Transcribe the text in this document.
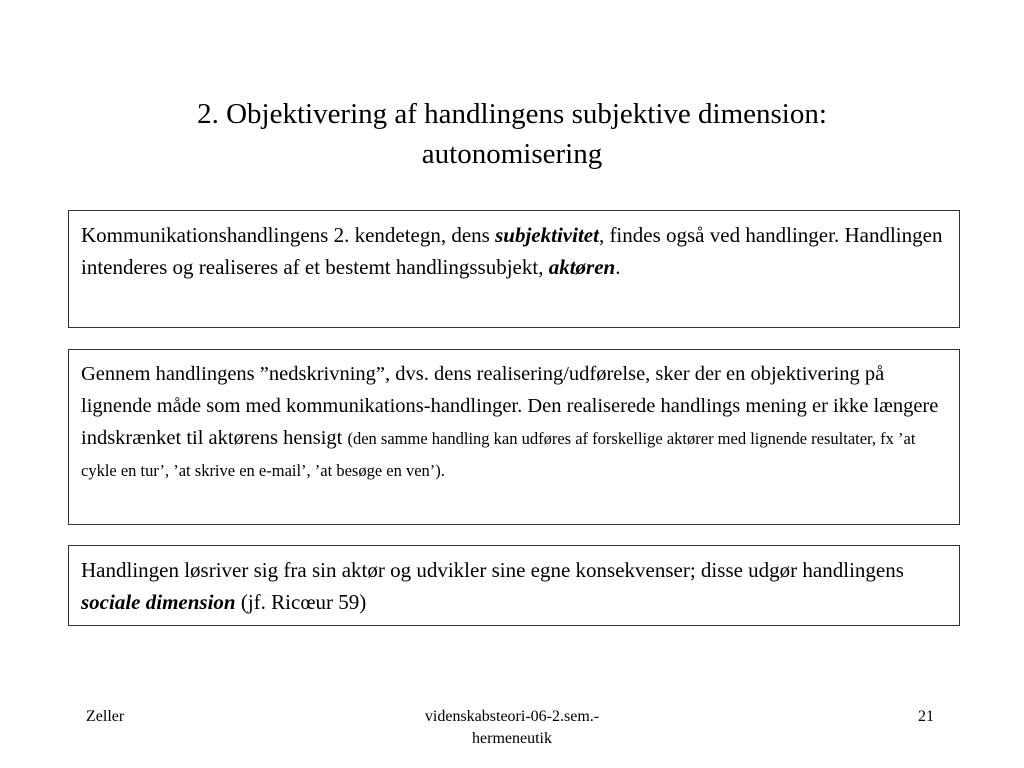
2. Objektivering af handlingens subjektive dimension:
autonomisering
Kommunikationshandlingens 2. kendetegn, dens subjektivitet, findes også ved handlinger. Handlingen intenderes og realiseres af et bestemt handlingssubjekt, aktøren.
Gennem handlingens ”nedskrivning”, dvs. dens realisering/udførelse, sker der en objektivering på lignende måde som med kommunikations-handlinger. Den realiserede handlings mening er ikke længere indskrænket til aktørens hensigt (den samme handling kan udføres af forskellige aktører med lignende resultater, fx ’at cykle en tur’, ’at skrive en e-mail’, ’at besøge en ven’).
Handlingen løsriver sig fra sin aktør og udvikler sine egne konsekvenser; disse udgør handlingens sociale dimension (jf. Ricœur 59)
Zeller	videnskabsteori-06-2.sem.-
hermeneutik
21
